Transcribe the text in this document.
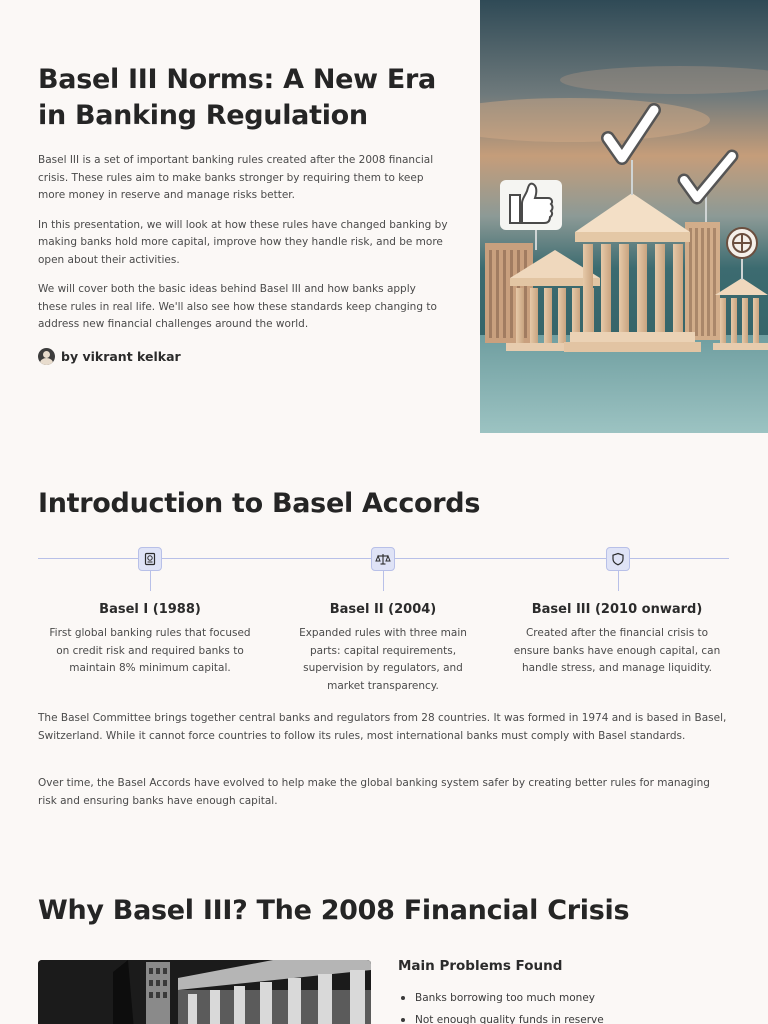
Basel III Norms: A New Era in Banking Regulation

Basel III is a set of important banking rules created after the 2008 financial crisis. These rules aim to make banks stronger by requiring them to keep more money in reserve and manage risks better.

In this presentation, we will look at how these rules have changed banking by making banks hold more capital, improve how they handle risk, and be more open about their activities.

We will cover both the basic ideas behind Basel III and how banks apply these rules in real life. We'll also see how these standards keep changing to address new financial challenges around the world.

by vikrant kelkar
Introduction to Basel Accords
Basel I (1988)
First global banking rules that focused on credit risk and required banks to maintain 8% minimum capital.
Basel II (2004)
Expanded rules with three main parts: capital requirements, supervision by regulators, and market transparency.
Basel III (2010 onward)
Created after the financial crisis to ensure banks have enough capital, can handle stress, and manage liquidity.

The Basel Committee brings together central banks and regulators from 28 countries. It was formed in 1974 and is based in Basel, Switzerland. While it cannot force countries to follow its rules, most international banks must comply with Basel standards.

Over time, the Basel Accords have evolved to help make the global banking system safer by creating better rules for managing risk and ensuring banks have enough capital.

Why Basel III? The 2008 Financial Crisis
Main Problems Found
Banks borrowing too much money
Not enough quality funds in reserve
